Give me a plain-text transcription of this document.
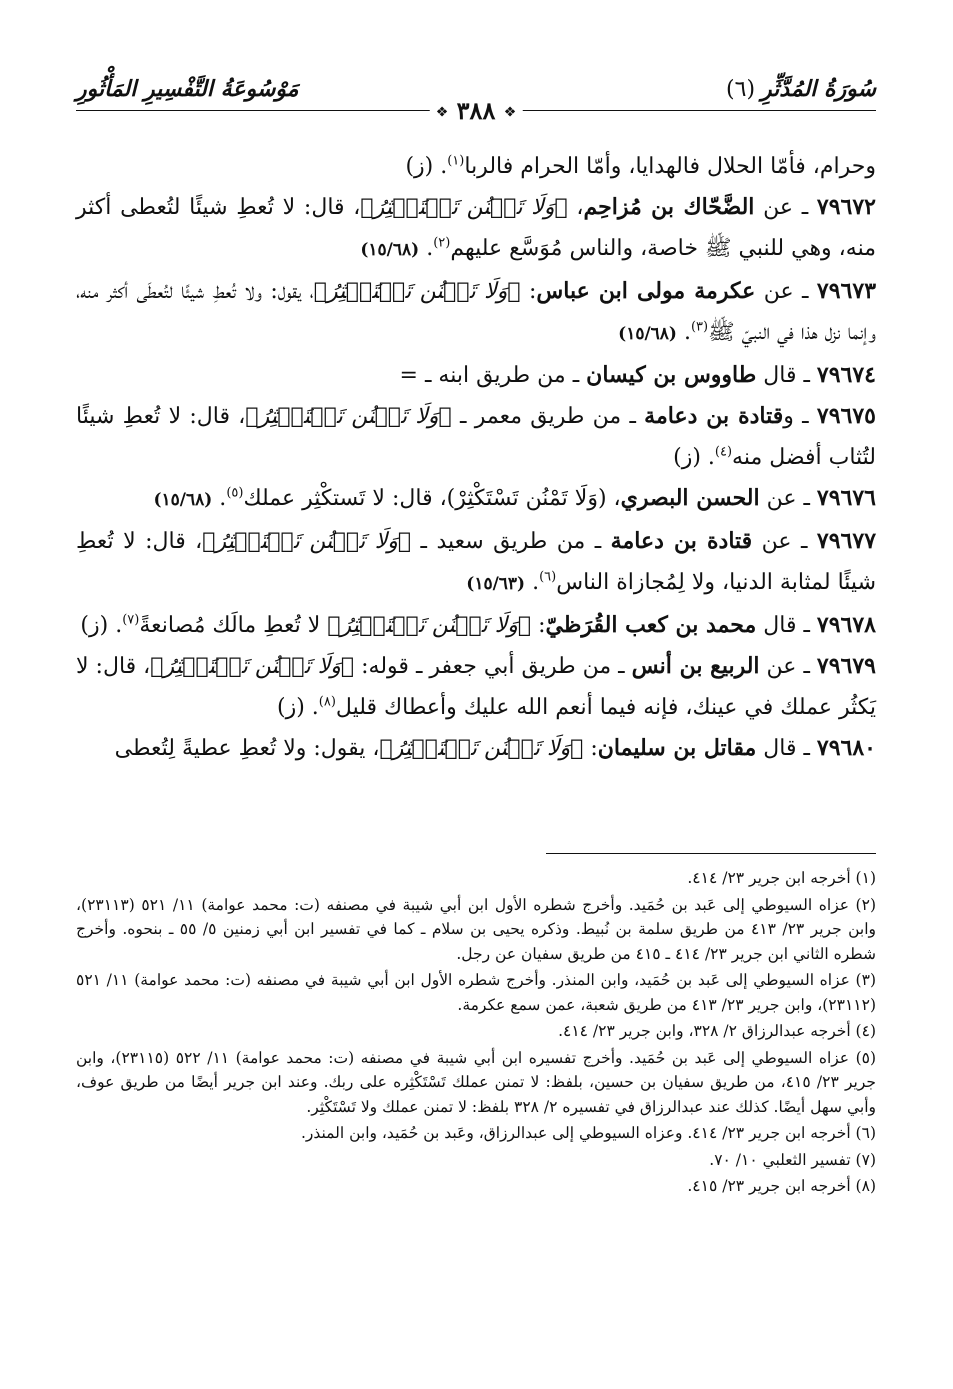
مَوْسُوعَةُ التَّفْسِيرِ المَأْثُورِ	سُورَةُ المُدَّثِّرِ(٦)
❖ ٣٨٨ ❖

وحرام، فأمّا الحلال فالهدايا، وأمّا الحرام فالربا$^{(١)}$. (ز)

٧٩٦٧٢ ـ عن الضَّحّاك بن مُزاحِم، ﴿وَلَا تَمۡنُن تَسۡتَكۡثِرُ﴾، قال: لا تُعطِ شيئًا لتُعطى أكثر منه، وهي للنبي ﷺ خاصة، والناس مُوَسَّع عليهم$^{(٢)}$. (١٥/٦٨)

٧٩٦٧٣ ـ عن عكرمة مولى ابن عباس: ﴿وَلَا تَمۡنُن تَسۡتَكۡثِرُ﴾، يقول: ولا تُعطِ شيئًا لتُعطَى أكثر منه، وإنما نزل هذا في النبيّ ﷺ$^{(٣)}$. (١٥/٦٨)

٧٩٦٧٤ ـ قال طاووس بن كيسان ـ من طريق ابنه ـ =

٧٩٦٧٥ ـ وقتادة بن دعامة ـ من طريق معمر ـ ﴿وَلَا تَمۡنُن تَسۡتَكۡثِرُ﴾، قال: لا تُعطِ شيئًا لتُثاب أفضل منه$^{(٤)}$. (ز)

٧٩٦٧٦ ـ عن الحسن البصري، (وَلَا تَمْنُن تَسْتَكْثِرْ)، قال: لا تَستكْثِر عملك$^{(٥)}$. (١٥/٦٨)

٧٩٦٧٧ ـ عن قتادة بن دعامة ـ من طريق سعيد ـ ﴿وَلَا تَمۡنُن تَسۡتَكۡثِرُ﴾، قال: لا تُعطِ شيئًا لمثابة الدنيا، ولا لِمُجازاة الناس$^{(٦)}$. (١٥/٦٣)

٧٩٦٧٨ ـ قال محمد بن كعب القُرَظيّ: ﴿وَلَا تَمۡنُن تَسۡتَكۡثِرُ﴾ لا تُعطِ مالَك مُصانعةً$^{(٧)}$. (ز)

٧٩٦٧٩ ـ عن الربيع بن أنس ـ من طريق أبي جعفر ـ قوله: ﴿وَلَا تَمۡنُن تَسۡتَكۡثِرُ﴾، قال: لا يَكثُر عملك في عينك، فإنه فيما أنعم الله عليك وأعطاك قليل$^{(٨)}$. (ز)

٧٩٦٨٠ ـ قال مقاتل بن سليمان: ﴿وَلَا تَمۡنُن تَسۡتَكۡثِرُ﴾، يقول: ولا تُعطِ عطيةً لِتُعطى

(١) أخرجه ابن جرير ٢٣/ ٤١٤.

(٢) عزاه السيوطي إلى عَبد بن حُمَيد. وأخرج شطره الأول ابن أبي شيبة في مصنفه (ت: محمد عوامة) ١١/ ٥٢١ (٢٣١١٣)، وابن جرير ٢٣/ ٤١٣ من طريق سلمة بن نُبيط. وذكره يحيى بن سلام ـ كما في تفسير ابن أبي زمنين ٥/ ٥٥ ـ بنحوه. وأخرج شطره الثاني ابن جرير ٢٣/ ٤١٤ ـ ٤١٥ من طريق سفيان عن رجل.

(٣) عزاه السيوطي إلى عَبد بن حُمَيد، وابن المنذر. وأخرج شطره الأول ابن أبي شيبة في مصنفه (ت: محمد عوامة) ١١/ ٥٢١ (٢٣١١٢)، وابن جرير ٢٣/ ٤١٣ من طريق شعبة، عمن سمع عكرمة.

(٤) أخرجه عبدالرزاق ٢/ ٣٢٨، وابن جرير ٢٣/ ٤١٤.

(٥) عزاه السيوطي إلى عَبد بن حُمَيد. وأخرج تفسيره ابن أبي شيبة في مصنفه (ت: محمد عوامة) ١١/ ٥٢٢ (٢٣١١٥)، وابن جرير ٢٣/ ٤١٥، من طريق سفيان بن حسين، بلفظ: لا تمنن عملك تَسْتَكْثِره على ربك. وعند ابن جرير أيضًا من طريق عوف، وأبي سهل أيضًا. كذلك عند عبدالرزاق في تفسيره ٢/ ٣٢٨ بلفظ: لا تمنن عملك ولا تَسْتَكْثِر.

(٦) أخرجه ابن جرير ٢٣/ ٤١٤. وعزاه السيوطي إلى عبدالرزاق، وعَبد بن حُمَيد، وابن المنذر.

(٧) تفسير الثعلبي ١٠/ ٧٠.

(٨) أخرجه ابن جرير ٢٣/ ٤١٥.
